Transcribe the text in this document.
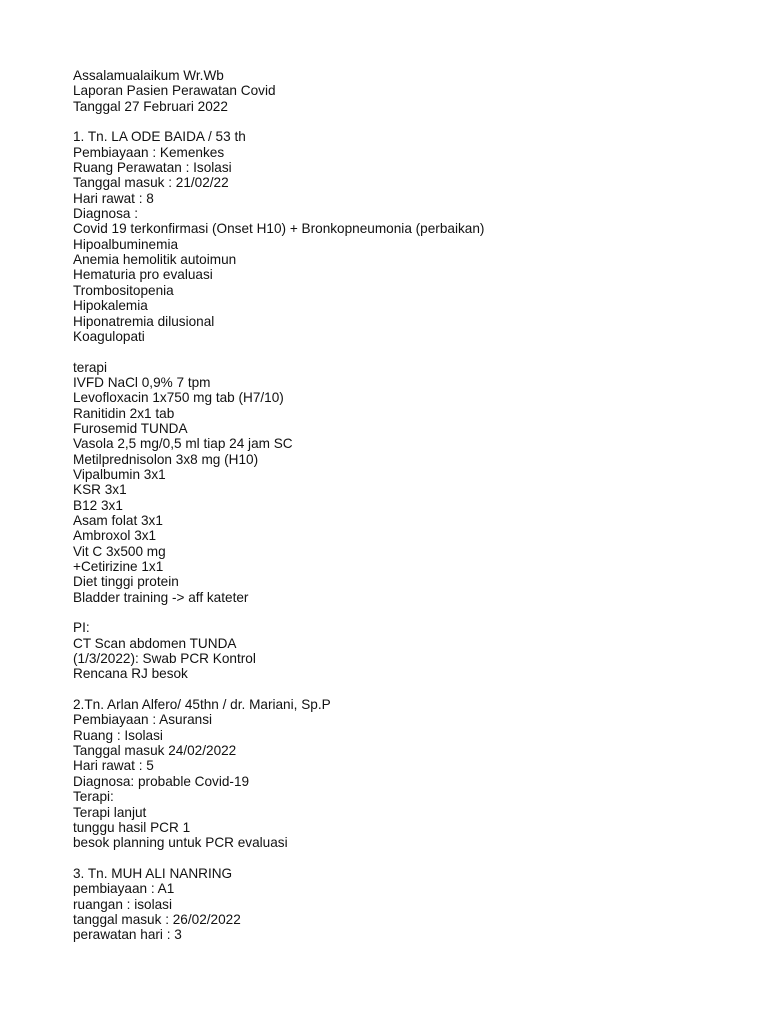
Assalamualaikum Wr.Wb
Laporan Pasien Perawatan Covid
Tanggal 27 Februari 2022
1. Tn. LA ODE BAIDA / 53 th
Pembiayaan : Kemenkes
Ruang Perawatan : Isolasi
Tanggal masuk : 21/02/22
Hari rawat : 8
Diagnosa :
Covid 19 terkonfirmasi (Onset H10) + Bronkopneumonia (perbaikan)
Hipoalbuminemia
Anemia hemolitik autoimun
Hematuria pro evaluasi
Trombositopenia
Hipokalemia
Hiponatremia dilusional
Koagulopati
terapi
IVFD NaCl 0,9% 7 tpm
Levofloxacin 1x750 mg tab (H7/10)
Ranitidin 2x1 tab
Furosemid TUNDA
Vasola 2,5 mg/0,5 ml tiap 24 jam SC
Metilprednisolon 3x8 mg (H10)
Vipalbumin 3x1
KSR 3x1
B12 3x1
Asam folat 3x1
Ambroxol 3x1
Vit C 3x500 mg
+Cetirizine 1x1
Diet tinggi protein
Bladder training -> aff kateter
PI:
CT Scan abdomen TUNDA
(1/3/2022): Swab PCR Kontrol
Rencana RJ besok
2.Tn. Arlan Alfero/ 45thn / dr. Mariani, Sp.P
Pembiayaan : Asuransi
Ruang : Isolasi
Tanggal masuk 24/02/2022
Hari rawat : 5
Diagnosa: probable Covid-19
Terapi:
Terapi lanjut
tunggu hasil PCR 1
besok planning untuk PCR evaluasi
3. Tn. MUH ALI NANRING
pembiayaan : A1
ruangan : isolasi
tanggal masuk : 26/02/2022
perawatan hari : 3
